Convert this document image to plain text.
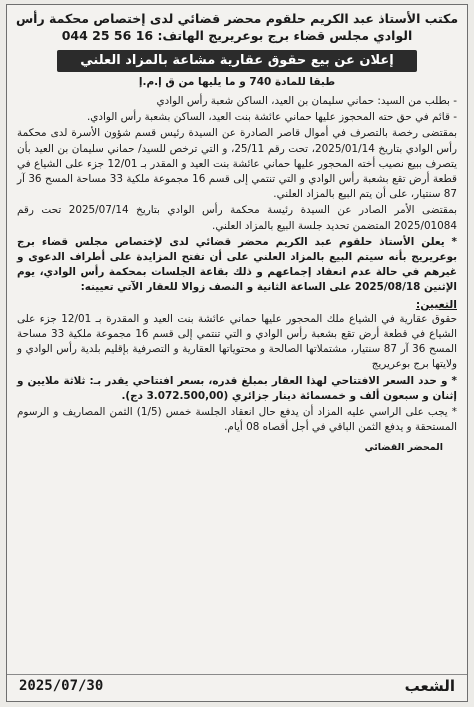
مكتب الأستاذ عبد الكريم حلقوم محضر قضائي لدى إختصاص محكمة رأس
الوادي مجلس قضاء برج بوعريريج الهاتف: 16 56 25 044
إعلان عن بيع حقوق عقارية مشاعة بالمزاد العلني
طبقا للمادة 740 و ما يليها من ق إ.م.إ

- بطلب من السيد: حماني سليمان بن العيد، الساكن شعبة رأس الوادي

- قائم في حق حته المحجوز عليها حماني عائشة بنت العيد، الساكن بشعبة رأس الوادي.

بمقتضى رخصة بالتصرف في أموال قاصر الصادرة عن السيدة رئيس قسم شؤون الأسرة لدى محكمة رأس الوادي بتاريخ 2025/01/14، تحت رقم 25/11، و التي ترخص للسيد/ حماني سليمان بن العيد بأن يتصرف ببيع نصيب أخته المحجور عليها حماني عائشة بنت العيد و المقدر بـ 12/01 جزء على الشياع في قطعة أرض تقع بشعبة رأس الوادي و التي تنتمي إلى قسم 16 مجموعة ملكية 33 مساحة المسح 36 آر 87 سنتيار، على أن يتم البيع بالمزاد العلني.

بمقتضى الأمر الصادر عن السيدة رئيسة محكمة رأس الوادي بتاريخ 2025/07/14 تحت رقم 2025/01084 المتضمن تحديد جلسة البيع بالمزاد العلني.

* يعلن الأستاذ حلقوم عبد الكريم محضر قضائي لدى لإختصاص مجلس قضاء برج بوعريريج بأنه سيتم البيع بالمزاد العلني على أن تفتح المزايدة على أطراف الدعوى و غيرهم في حالة عدم انعقاد إجماعهم و ذلك بقاعة الجلسات بمحكمة رأس الوادي، يوم الإثنين 2025/08/18 على الساعة الثانية و النصف زوالا للعقار الآتي تعيينه:

التعيين:

حقوق عقارية في الشياع ملك المحجور عليها حماني عائشة بنت العيد و المقدرة بـ 12/01 جزء على الشياع في قطعة أرض تقع بشعبة رأس الوادي و التي تنتمي إلى قسم 16 مجموعة ملكية 33 مساحة المسح 36 آر 87 سنتيار، مشتملاتها الصالحة و محتوياتها العقارية و التصرفية بإقليم بلدية رأس الوادي و ولايتها برج بوعريريج

* و حدد السعر الافتتاحي لهذا العقار بمبلغ قدره، بسعر افتتاحي يقدر بـ: ثلاثة ملايين و إثنان و سبعون ألف و خمسمائة دينار جزائري (3.072.500,00 دج).

* يجب على الراسي عليه المزاد أن يدفع حال انعقاد الجلسة خمس (1/5) الثمن المصاريف و الرسوم المستحقة و يدفع الثمن الباقي في أجل أقصاه 08 أيام.

المحضر القضائي
الشعب
2025/07/30
